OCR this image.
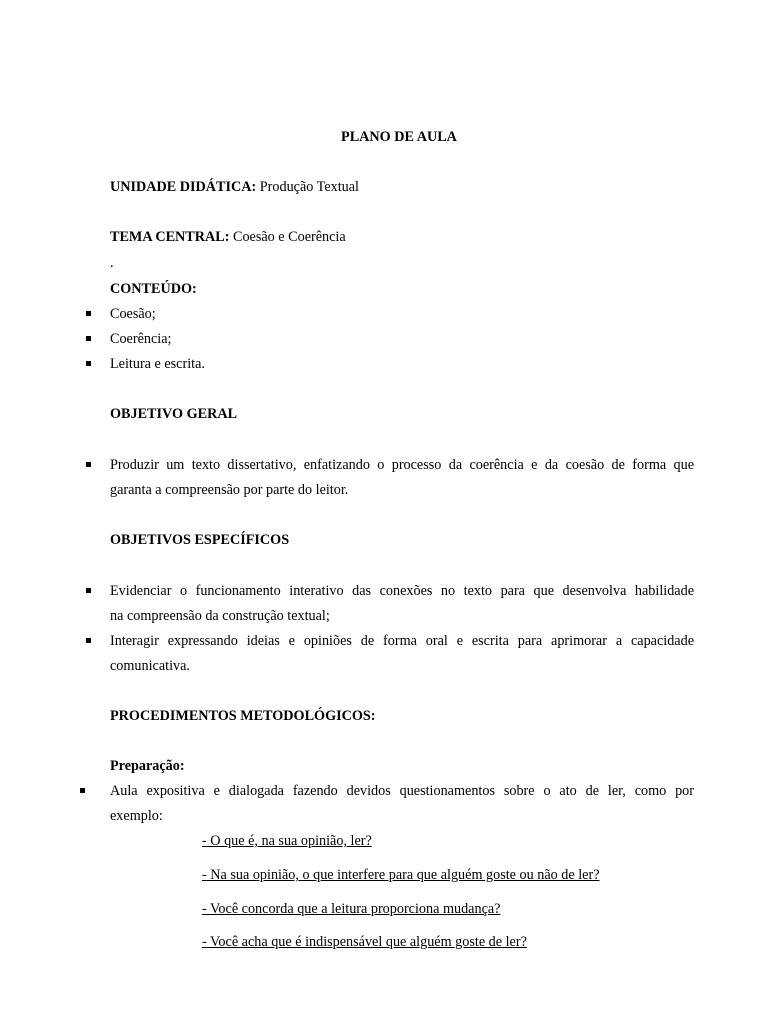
PLANO DE AULA
UNIDADE DIDÁTICA: Produção Textual
TEMA CENTRAL: Coesão e Coerência
.
CONTEÚDO:
Coesão;
Coerência;
Leitura e escrita.
OBJETIVO GERAL
Produzir um texto dissertativo, enfatizando o processo da coerência e da coesão de forma que
garanta a compreensão por parte do leitor.
OBJETIVOS ESPECÍFICOS
Evidenciar o funcionamento interativo das conexões no texto para que desenvolva habilidade
na compreensão da construção textual;
Interagir expressando ideias e opiniões de forma oral e escrita para aprimorar a capacidade
comunicativa.
PROCEDIMENTOS METODOLÓGICOS:
Preparação:
Aula expositiva e dialogada fazendo devidos questionamentos sobre o ato de ler, como por
exemplo:
- O que é, na sua opinião, ler?
- Na sua opinião, o que interfere para que alguém goste ou não de ler?
- Você concorda que a leitura proporciona mudança?
- Você acha que é indispensável que alguém goste de ler?
